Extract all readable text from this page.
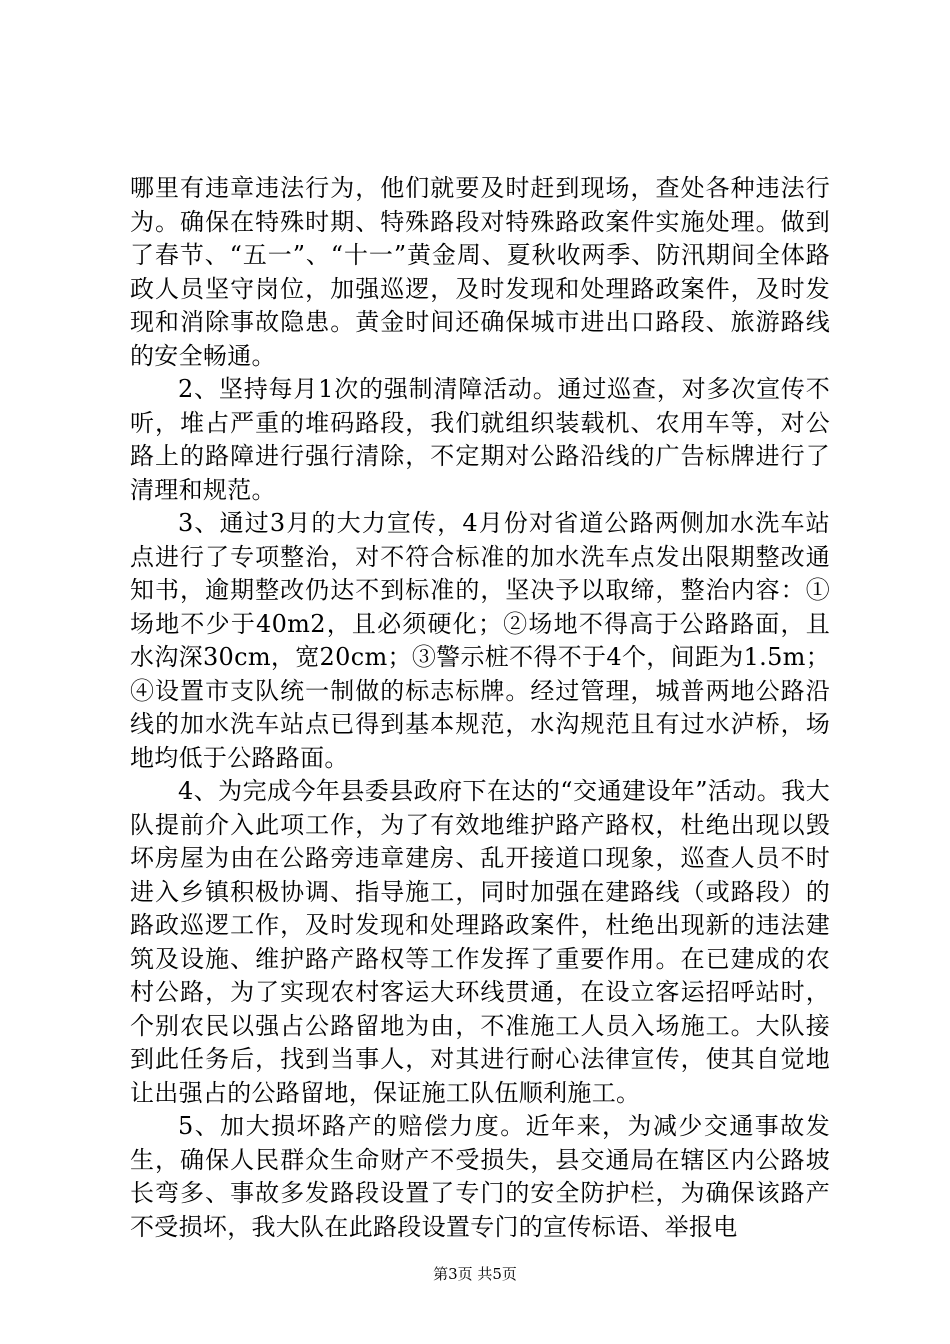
哪里有违章违法行为，他们就要及时赶到现场，查处各种违法行为。确保在特殊时期、特殊路段对特殊路政案件实施处理。做到了春节、“五一”、“十一”黄金周、夏秋收两季、防汛期间全体路政人员坚守岗位，加强巡逻，及时发现和处理路政案件，及时发现和消除事故隐患。黄金时间还确保城市进出口路段、旅游路线的安全畅通。

2、坚持每月1次的强制清障活动。通过巡查，对多次宣传不听，堆占严重的堆码路段，我们就组织装载机、农用车等，对公路上的路障进行强行清除，不定期对公路沿线的广告标牌进行了清理和规范。

3、通过3月的大力宣传，4月份对省道公路两侧加水洗车站点进行了专项整治，对不符合标准的加水洗车点发出限期整改通知书，逾期整改仍达不到标准的，坚决予以取缔，整治内容：①场地不少于40m2，且必须硬化；②场地不得高于公路路面，且水沟深30cm，宽20cm；③警示桩不得不于4个，间距为1.5m；④设置市支队统一制做的标志标牌。经过管理，城普两地公路沿线的加水洗车站点已得到基本规范，水沟规范且有过水泸桥，场地均低于公路路面。

4、为完成今年县委县政府下在达的“交通建设年”活动。我大队提前介入此项工作，为了有效地维护路产路权，杜绝出现以毁坏房屋为由在公路旁违章建房、乱开接道口现象，巡查人员不时进入乡镇积极协调、指导施工，同时加强在建路线（或路段）的路政巡逻工作，及时发现和处理路政案件，杜绝出现新的违法建筑及设施、维护路产路权等工作发挥了重要作用。在已建成的农村公路，为了实现农村客运大环线贯通，在设立客运招呼站时，个别农民以强占公路留地为由，不准施工人员入场施工。大队接到此任务后，找到当事人，对其进行耐心法律宣传，使其自觉地让出强占的公路留地，保证施工队伍顺利施工。

5、加大损坏路产的赔偿力度。近年来，为减少交通事故发生，确保人民群众生命财产不受损失，县交通局在辖区内公路坡长弯多、事故多发路段设置了专门的安全防护栏，为确保该路产不受损坏，我大队在此路段设置专门的宣传标语、举报电

第3页 共5页
